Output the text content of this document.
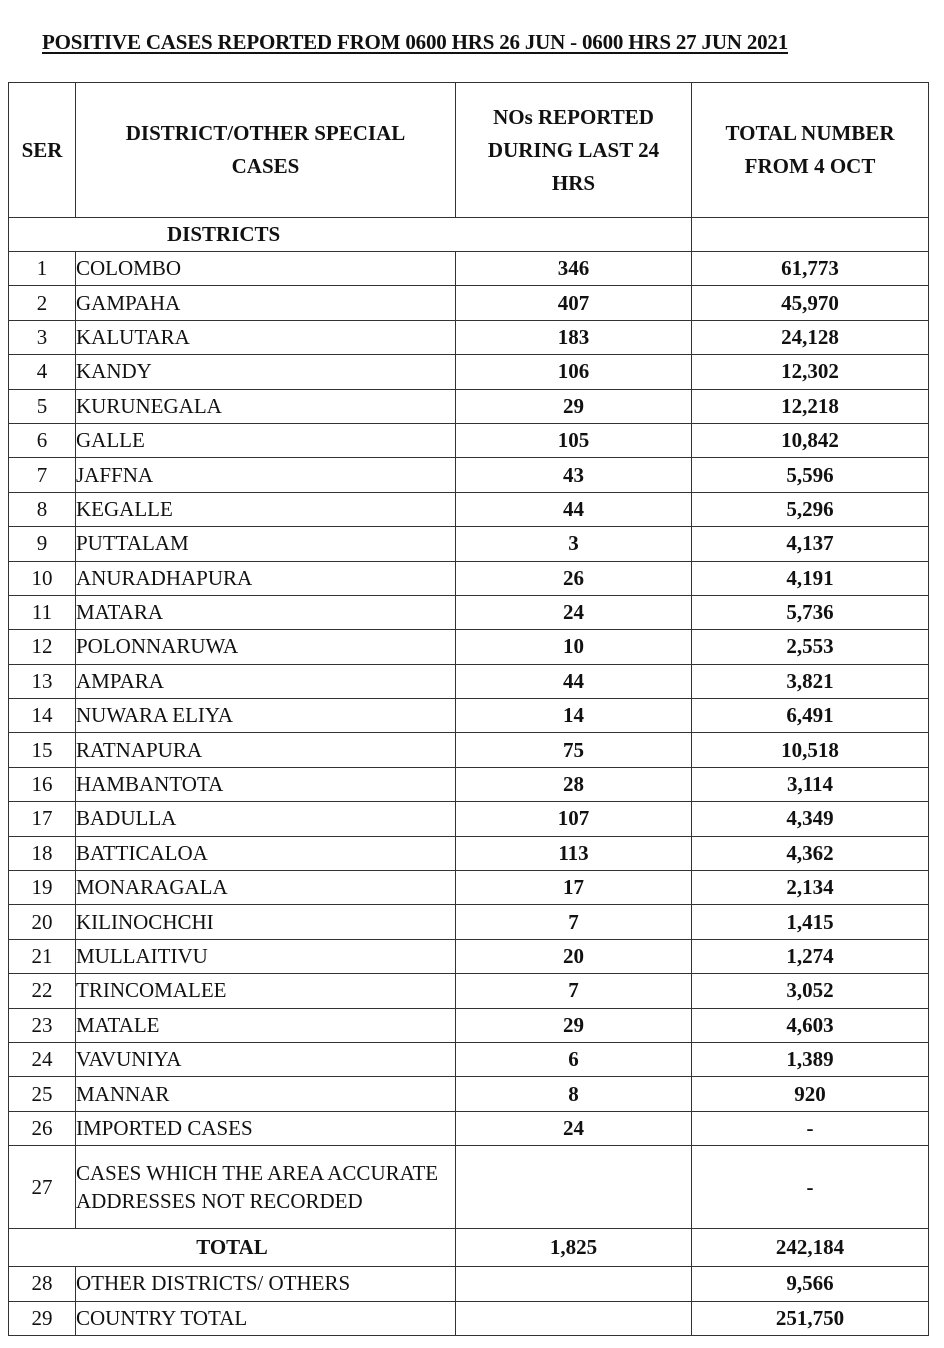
POSITIVE CASES REPORTED FROM 0600 HRS 26 JUN - 0600 HRS 27 JUN 2021
SER	DISTRICT/OTHER SPECIAL CASES	NOs REPORTED DURING LAST 24 HRS	TOTAL NUMBER FROM 4 OCT
DISTRICTS			
1	COLOMBO	346	61,773
2	GAMPAHA	407	45,970
3	KALUTARA	183	24,128
4	KANDY	106	12,302
5	KURUNEGALA	29	12,218
6	GALLE	105	10,842
7	JAFFNA	43	5,596
8	KEGALLE	44	5,296
9	PUTTALAM	3	4,137
10	ANURADHAPURA	26	4,191
11	MATARA	24	5,736
12	POLONNARUWA	10	2,553
13	AMPARA	44	3,821
14	NUWARA ELIYA	14	6,491
15	RATNAPURA	75	10,518
16	HAMBANTOTA	28	3,114
17	BADULLA	107	4,349
18	BATTICALOA	113	4,362
19	MONARAGALA	17	2,134
20	KILINOCHCHI	7	1,415
21	MULLAITIVU	20	1,274
22	TRINCOMALEE	7	3,052
23	MATALE	29	4,603
24	VAVUNIYA	6	1,389
25	MANNAR	8	920
26	IMPORTED CASES	24	-
27	CASES WHICH THE AREA ACCURATE ADDRESSES NOT RECORDED		-
TOTAL		1,825	242,184
28	OTHER DISTRICTS/ OTHERS		9,566
29	COUNTRY TOTAL		251,750
